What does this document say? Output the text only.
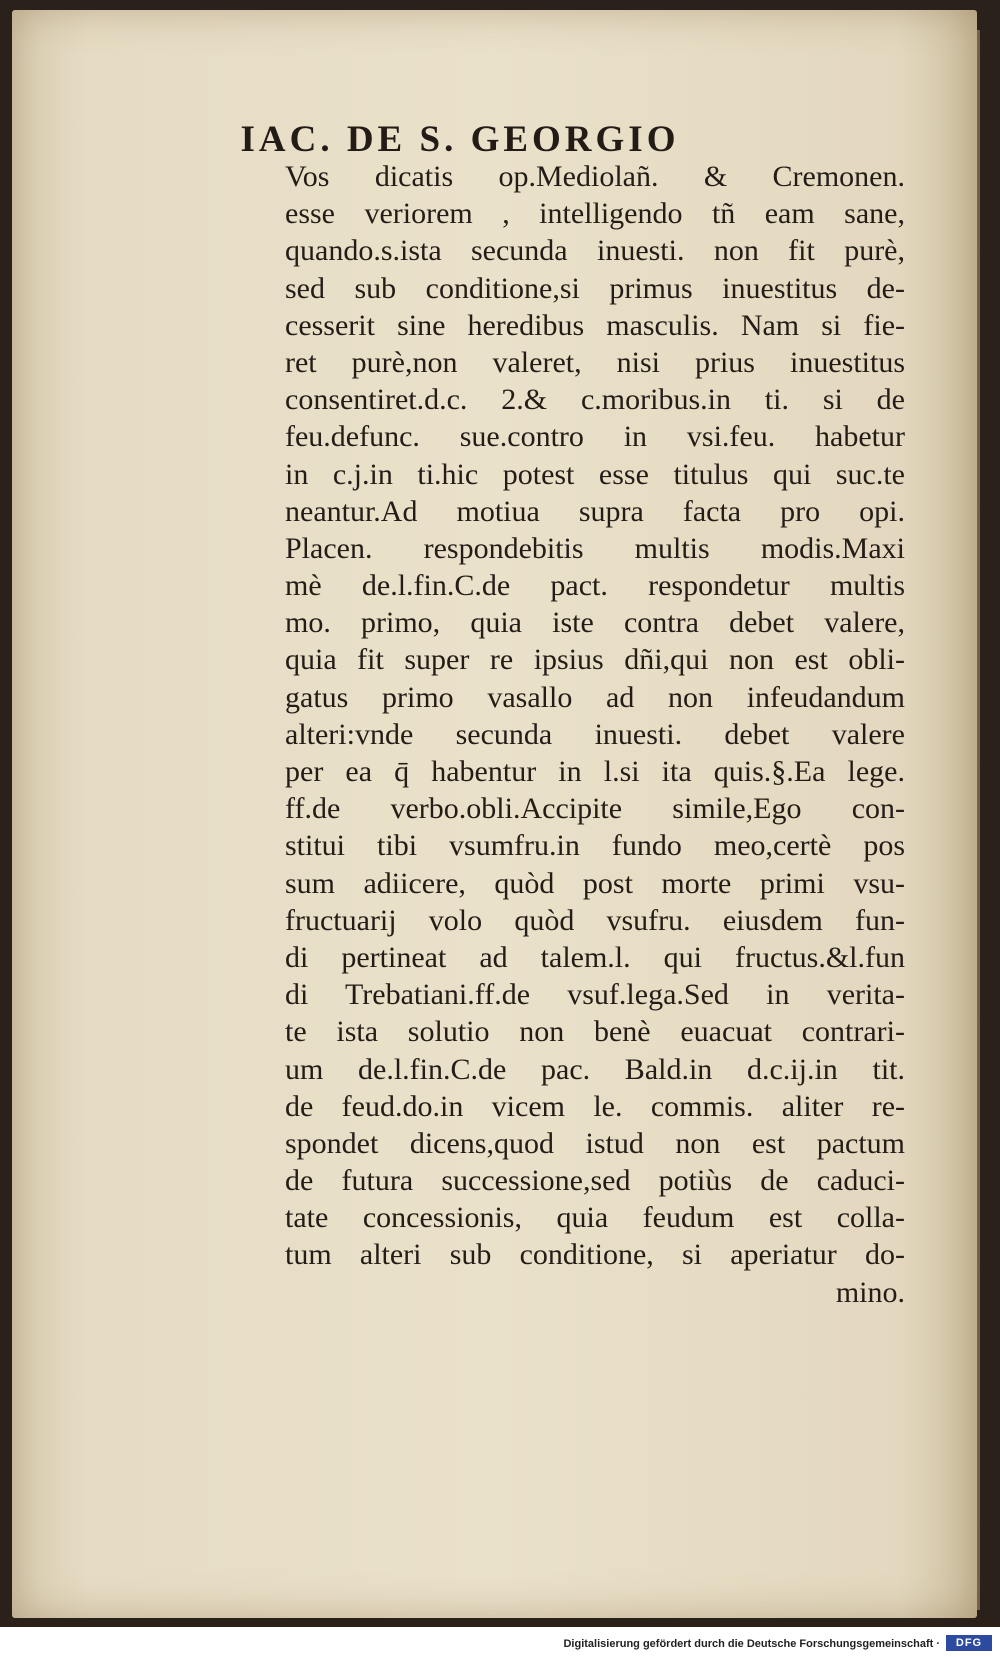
IAC. DE S. GEORGIO
Vos dicatis op.Mediolañ. & Cremonen.
esse veriorem , intelligendo tñ eam sane,
quando.s.ista secunda inuesti. non fit purè,
sed sub conditione,si primus inuestitus de-
cesserit sine heredibus masculis. Nam si fie-
ret purè,non valeret, nisi prius inuestitus
consentiret.d.c. 2.& c.moribus.in ti. si de
feu.defunc. sue.contro in vsi.feu. habetur
in c.j.in ti.hic potest esse titulus qui suc.te
neantur.Ad motiua supra facta pro opi.
Placen. respondebitis multis modis.Maxi
mè de.l.fin.C.de pact. respondetur multis
mo. primo, quia iste contra debet valere,
quia fit super re ipsius dñi,qui non est obli-
gatus primo vasallo ad non infeudandum
alteri:vnde secunda inuesti. debet valere
per ea q̄ habentur in l.si ita quis.§.Ea lege.
ff.de verbo.obli.Accipite simile,Ego con-
stitui tibi vsumfru.in fundo meo,certè pos
sum adiicere, quòd post morte primi vsu-
fructuarij volo quòd vsufru. eiusdem fun-
di pertineat ad talem.l. qui fructus.&l.fun
di Trebatiani.ff.de vsuf.lega.Sed in verita-
te ista solutio non benè euacuat contrari-
um de.l.fin.C.de pac. Bald.in d.c.ij.in tit.
de feud.do.in vicem le. commis. aliter re-
spondet dicens,quod istud non est pactum
de futura successione,sed potiùs de caduci-
tate concessionis, quia feudum est colla-
tum alteri sub conditione, si aperiatur do-
mino.
Digitalisierung gefördert durch die Deutsche Forschungsgemeinschaft ·	DFG
